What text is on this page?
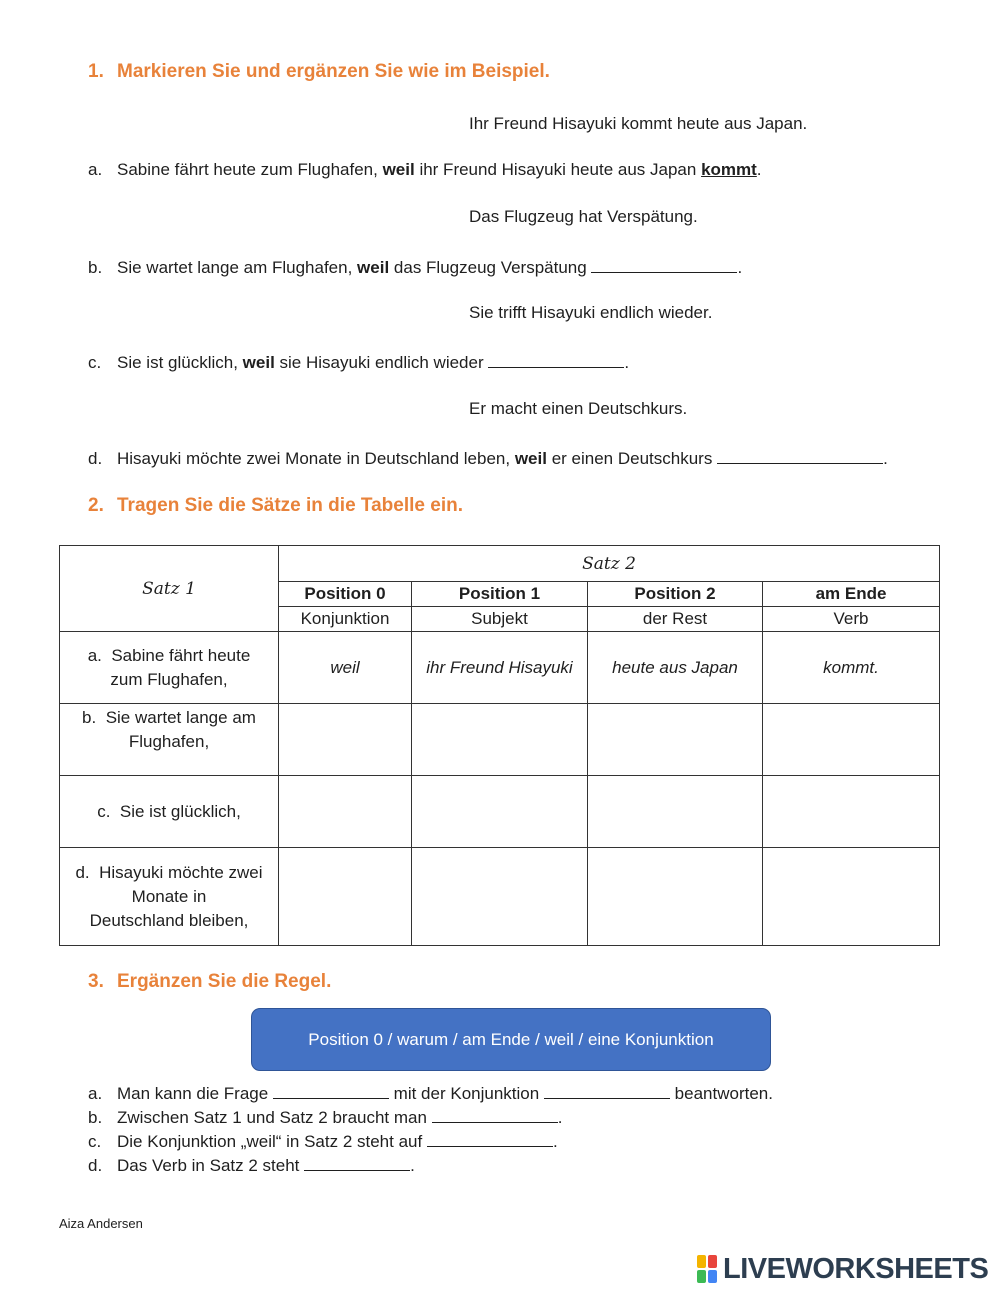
1. Markieren Sie und ergänzen Sie wie im Beispiel.
Ihr Freund Hisayuki kommt heute aus Japan.
a. Sabine fährt heute zum Flughafen, weil ihr Freund Hisayuki heute aus Japan kommt.
Das Flugzeug hat Verspätung.
b. Sie wartet lange am Flughafen, weil das Flugzeug Verspätung	.
Sie trifft Hisayuki endlich wieder.
c. Sie ist glücklich, weil sie Hisayuki endlich wieder	.
Er macht einen Deutschkurs.
d. Hisayuki möchte zwei Monate in Deutschland leben, weil er einen Deutschkurs	.
2. Tragen Sie die Sätze in die Tabelle ein.
Satz 1	Satz 2			
	Position 0	Position 1	Position 2	am Ende
	Konjunktion	Subjekt	der Rest	Verb

a. Sabine fährt heute
zum Flughafen,	weil	ihr Freund Hisayuki	heute aus Japan	kommt.

b. Sie wartet lange am
Flughafen,				

c. Sie ist glücklich,				

d. Hisayuki möchte zwei
Monate in
Deutschland bleiben,				

3. Ergänzen Sie die Regel.
Position 0 / warum / am Ende / weil / eine Konjunktion
a. Man kann die Frage	mit der Konjunktion	beantworten.
b. Zwischen Satz 1 und Satz 2 braucht man	.
c. Die Konjunktion „weil“ in Satz 2 steht auf	.
d. Das Verb in Satz 2 steht	.
Aiza Andersen
LIVEWORKSHEETS
